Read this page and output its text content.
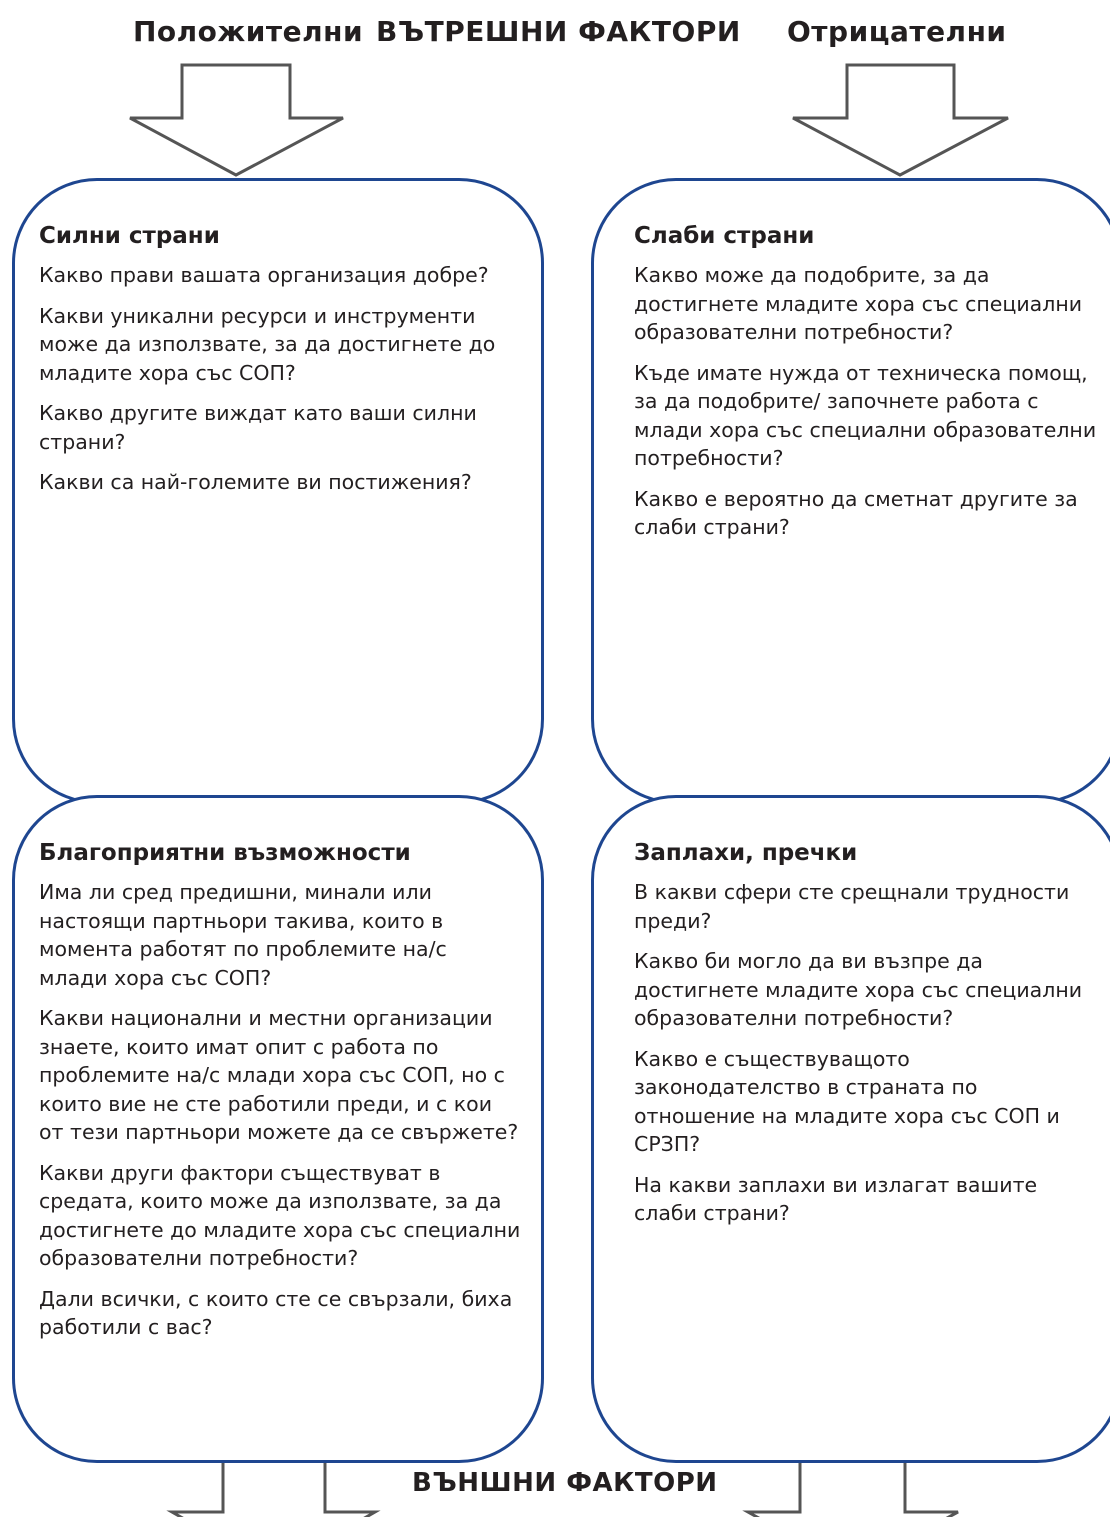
Положителни ВЪТРЕШНИ ФАКТОРИ Отрицателни
Силни страни

Какво прави вашата организация добре?

Какви уникални ресурси и инструменти може да използвате, за да достигнете до младите хора със СОП?

Какво другите виждат като ваши силни страни?

Какви са най-големите ви постижения?

Слаби страни

Какво може да подобрите, за да достигнете младите хора със специални образователни потребности?

Къде имате нужда от техническа помощ, за да подобрите/ започнете работа с млади хора със специални образователни потребности?

Какво е вероятно да сметнат другите за слаби страни?

Благоприятни възможности

Има ли сред предишни, минали или настоящи партньори такива, които в момента работят по проблемите на/с млади хора със СОП?

Какви национални и местни организации знаете, които имат опит с работа по проблемите на/с млади хора със СОП, но с които вие не сте работили преди, и с кои от тези партньори можете да се свържете?

Какви други фактори съществуват в средата, които може да използвате, за да достигнете до младите хора със специални образователни потребности?

Дали всички, с които сте се свързали, биха работили с вас?

Заплахи, пречки

В какви сфери сте срещнали трудности преди?

Какво би могло да ви възпре да достигнете младите хора със специални образователни потребности?

Какво е съществуващото законодателство в страната по отношение на младите хора със СОП и СРЗП?

На какви заплахи ви излагат вашите слаби страни?

ВЪНШНИ ФАКТОРИ
